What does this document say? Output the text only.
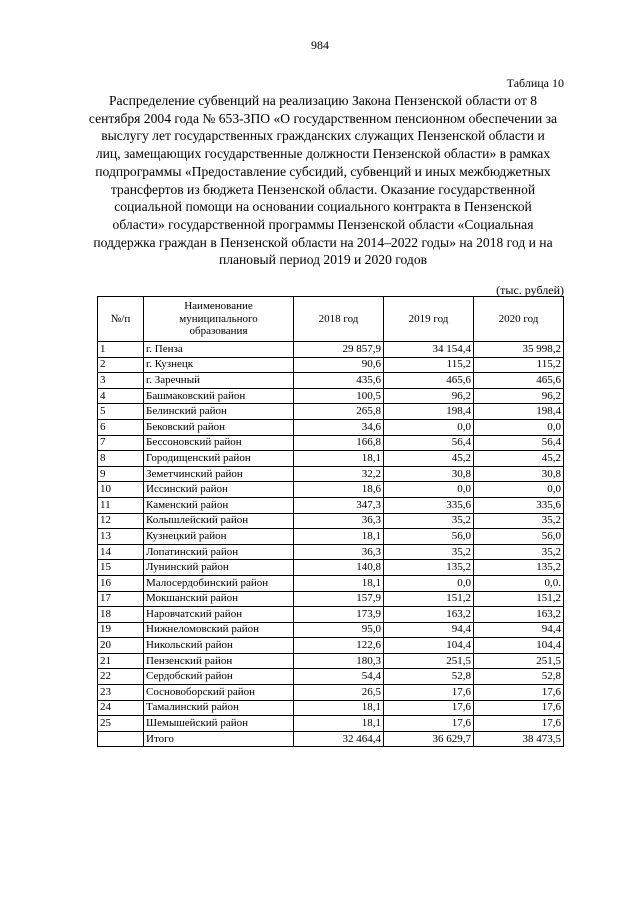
984
Таблица 10
Распределение субвенций на реализацию Закона Пензенской области от 8 сентября 2004 года № 653-ЗПО «О государственном пенсионном обеспечении за выслугу лет государственных гражданских служащих Пензенской области и лиц, замещающих государственные должности Пензенской области» в рамках подпрограммы «Предоставление субсидий, субвенций и иных межбюджетных трансфертов из бюджета Пензенской области. Оказание государственной социальной помощи на основании социального контракта в Пензенской области» государственной программы Пензенской области «Социальная поддержка граждан в Пензенской области на 2014–2022 годы» на 2018 год и на плановый период 2019 и 2020 годов
(тыс. рублей)
№/п	Наименование муниципального образования	2018 год	2019 год	2020 год
1	г. Пенза	29 857,9	34 154,4	35 998,2
2	г. Кузнецк	90,6	115,2	115,2
3	г. Заречный	435,6	465,6	465,6
4	Башмаковский район	100,5	96,2	96,2
5	Белинский район	265,8	198,4	198,4
6	Бековский район	34,6	0,0	0,0
7	Бессоновский район	166,8	56,4	56,4
8	Городищенский район	18,1	45,2	45,2
9	Земетчинский район	32,2	30,8	30,8
10	Иссинский район	18,6	0,0	0,0
11	Каменский район	347,3	335,6	335,6
12	Колышлейский район	36,3	35,2	35,2
13	Кузнецкий район	18,1	56,0	56,0
14	Лопатинский район	36,3	35,2	35,2
15	Лунинский район	140,8	135,2	135,2
16	Малосердобинский район	18,1	0,0	0,0.
17	Мокшанский район	157,9	151,2	151,2
18	Наровчатский район	173,9	163,2	163,2
19	Нижнеломовский район	95,0	94,4	94,4
20	Никольский район	122,6	104,4	104,4
21	Пензенский район	180,3	251,5	251,5
22	Сердобский район	54,4	52,8	52,8
23	Сосновоборский район	26,5	17,6	17,6
24	Тамалинский район	18,1	17,6	17,6
25	Шемышейский район	18,1	17,6	17,6
	Итого	32 464,4	36 629,7	38 473,5
